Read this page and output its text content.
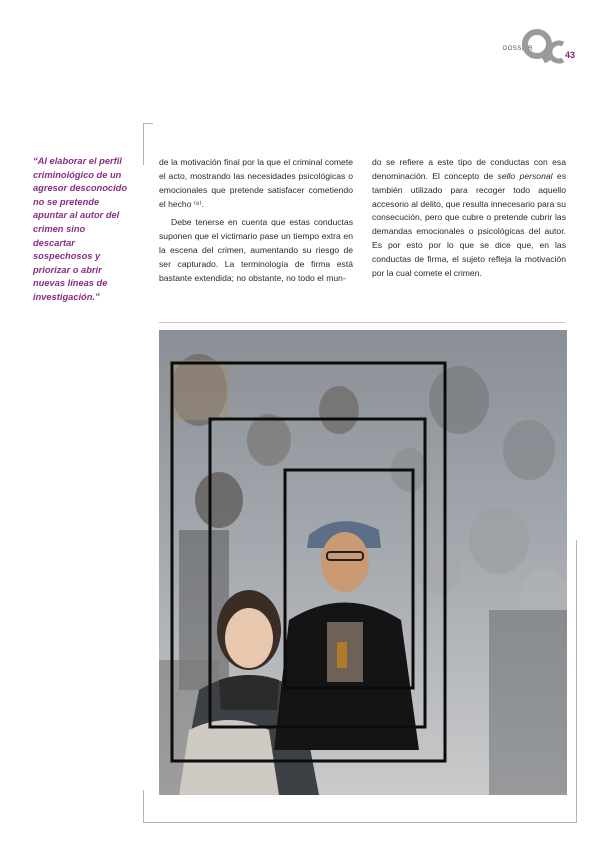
DOSSIER
43

“Al elaborar el perfil criminológico de un agresor desconocido no se pretende apuntar al autor del crimen sino descartar sospechosos y priorizar o abrir nuevas líneas de investigación.”

de la motivación final por la que el criminal comete el acto, mostrando las necesidades psicológicas o emocionales que pretende satisfacer cometiendo el hecho ⁽⁶⁾.

Debe tenerse en cuenta que estas conductas suponen que el victimario pase un tiempo extra en la escena del crimen, aumentando su riesgo de ser capturado. La terminología de firma está bastante extendida; no obstante, no todo el mun-

do se refiere a este tipo de conductas con esa denominación. El concepto de sello personal es también utilizado para recoger todo aquello accesorio al delito, que resulta innecesario para su consecución, pero que cubre o pretende cubrir las demandas emocionales o psicológicas del autor. Es por esto por lo que se dice que, en las conductas de firma, el sujeto refleja la motivación por la cual comete el crimen.
